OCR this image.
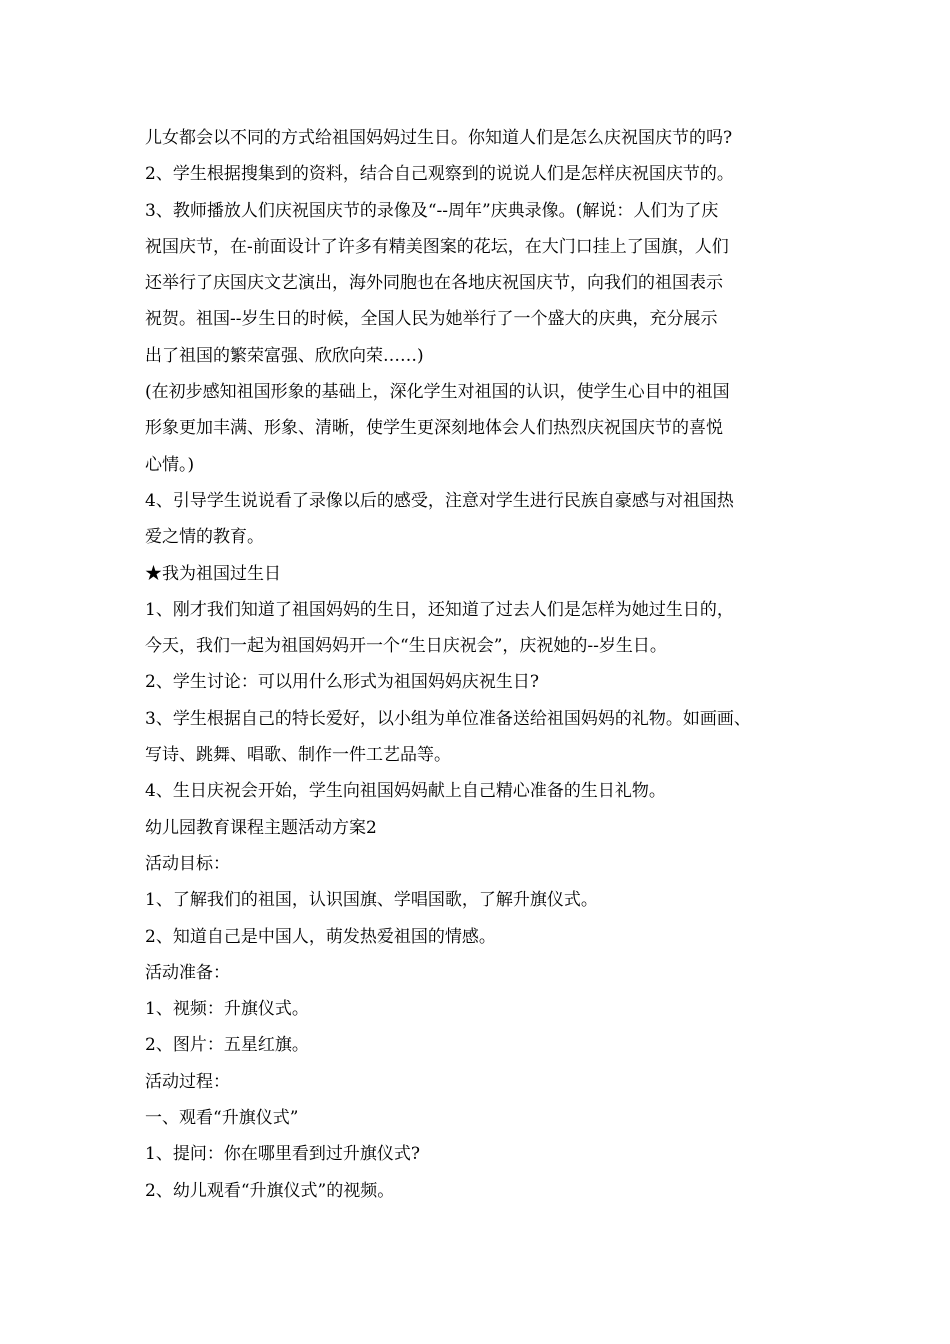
儿女都会以不同的方式给祖国妈妈过生日。你知道人们是怎么庆祝国庆节的吗?
2、学生根据搜集到的资料，结合自己观察到的说说人们是怎样庆祝国庆节的。
3、教师播放人们庆祝国庆节的录像及“--周年”庆典录像。(解说：人们为了庆
祝国庆节，在-前面设计了许多有精美图案的花坛，在大门口挂上了国旗，人们
还举行了庆国庆文艺演出，海外同胞也在各地庆祝国庆节，向我们的祖国表示
祝贺。祖国--岁生日的时候，全国人民为她举行了一个盛大的庆典，充分展示
出了祖国的繁荣富强、欣欣向荣……)
(在初步感知祖国形象的基础上，深化学生对祖国的认识，使学生心目中的祖国
形象更加丰满、形象、清晰，使学生更深刻地体会人们热烈庆祝国庆节的喜悦
心情。)
4、引导学生说说看了录像以后的感受，注意对学生进行民族自豪感与对祖国热
爱之情的教育。
★我为祖国过生日
1、刚才我们知道了祖国妈妈的生日，还知道了过去人们是怎样为她过生日的，
今天，我们一起为祖国妈妈开一个“生日庆祝会”，庆祝她的--岁生日。
2、学生讨论：可以用什么形式为祖国妈妈庆祝生日?
3、学生根据自己的特长爱好，以小组为单位准备送给祖国妈妈的礼物。如画画、
写诗、跳舞、唱歌、制作一件工艺品等。
4、生日庆祝会开始，学生向祖国妈妈献上自己精心准备的生日礼物。
幼儿园教育课程主题活动方案2
活动目标：
1、了解我们的祖国，认识国旗、学唱国歌，了解升旗仪式。
2、知道自己是中国人，萌发热爱祖国的情感。
活动准备：
1、视频：升旗仪式。
2、图片：五星红旗。
活动过程：
一、观看“升旗仪式”
1、提问：你在哪里看到过升旗仪式?
2、幼儿观看“升旗仪式”的视频。
